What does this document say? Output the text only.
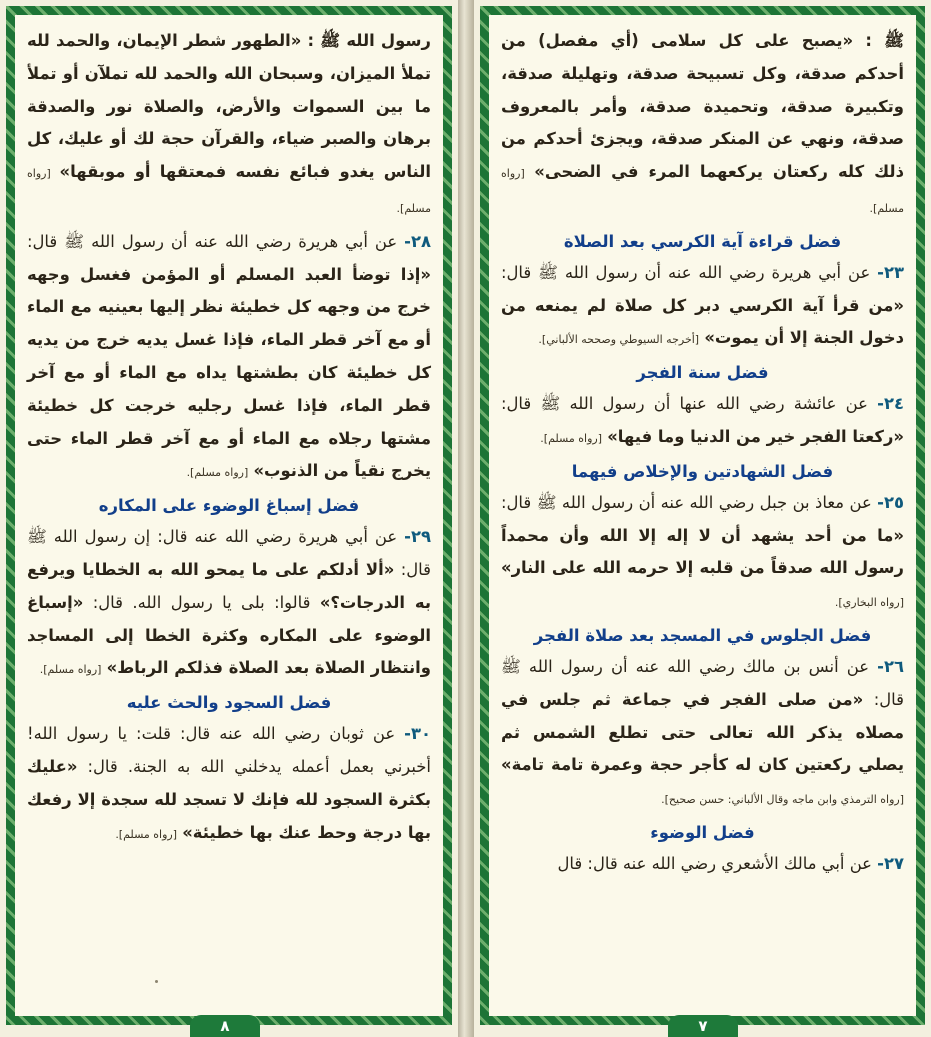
رسول الله ﷺ : «الطهور شطر الإيمان، والحمد لله تملأ الميزان، وسبحان الله والحمد لله تملآن أو تملأ ما بين السموات والأرض، والصلاة نور والصدقة برهان والصبر ضياء، والقرآن حجة لك أو عليك، كل الناس يغدو فبائع نفسه فمعتقها أو موبقها» [رواه مسلم].

٢٨- عن أبي هريرة رضي الله عنه أن رسول الله ﷺ قال: «إذا توضأ العبد المسلم أو المؤمن فغسل وجهه خرج من وجهه كل خطيئة نظر إليها بعينيه مع الماء أو مع آخر قطر الماء، فإذا غسل يديه خرج من يديه كل خطيئة كان بطشتها يداه مع الماء أو مع آخر قطر الماء، فإذا غسل رجليه خرجت كل خطيئة مشتها رجلاه مع الماء أو مع آخر قطر الماء حتى يخرج نقياً من الذنوب» [رواه مسلم].

فضل إسباغ الوضوء على المكاره

٢٩- عن أبي هريرة رضي الله عنه قال: إن رسول الله ﷺ قال: «ألا أدلكم على ما يمحو الله به الخطايا ويرفع به الدرجات؟» قالوا: بلى يا رسول الله. قال: «إسباغ الوضوء على المكاره وكثرة الخطا إلى المساجد وانتظار الصلاة بعد الصلاة فذلكم الرباط» [رواه مسلم].

فضل السجود والحث عليه

٣٠- عن ثوبان رضي الله عنه قال: قلت: يا رسول الله! أخبرني بعمل أعمله يدخلني الله به الجنة. قال: «عليك بكثرة السجود لله فإنك لا تسجد لله سجدة إلا رفعك بها درجة وحط عنك بها خطيئة» [رواه مسلم].

٨

ﷺ : «يصبح على كل سلامى (أي مفصل) من أحدكم صدقة، وكل تسبيحة صدقة، وتهليلة صدقة، وتكبيرة صدقة، وتحميدة صدقة، وأمر بالمعروف صدقة، ونهي عن المنكر صدقة، ويجزئ أحدكم من ذلك كله ركعتان يركعهما المرء في الضحى» [رواه مسلم].

فضل قراءة آية الكرسي بعد الصلاة

٢٣- عن أبي هريرة رضي الله عنه أن رسول الله ﷺ قال: «من قرأ آية الكرسي دبر كل صلاة لم يمنعه من دخول الجنة إلا أن يموت» [أخرجه السيوطي وصححه الألباني].

فضل سنة الفجر

٢٤- عن عائشة رضي الله عنها أن رسول الله ﷺ قال: «ركعتا الفجر خير من الدنيا وما فيها» [رواه مسلم].

فضل الشهادتين والإخلاص فيهما

٢٥- عن معاذ بن جبل رضي الله عنه أن رسول الله ﷺ قال: «ما من أحد يشهد أن لا إله إلا الله وأن محمداً رسول الله صدقاً من قلبه إلا حرمه الله على النار» [رواه البخاري].

فضل الجلوس في المسجد بعد صلاة الفجر

٢٦- عن أنس بن مالك رضي الله عنه أن رسول الله ﷺ قال: «من صلى الفجر في جماعة ثم جلس في مصلاه يذكر الله تعالى حتى تطلع الشمس ثم يصلي ركعتين كان له كأجر حجة وعمرة تامة تامة» [رواه الترمذي وابن ماجه وقال الألباني: حسن صحيح].

فضل الوضوء

٢٧- عن أبي مالك الأشعري رضي الله عنه قال: قال

٧
